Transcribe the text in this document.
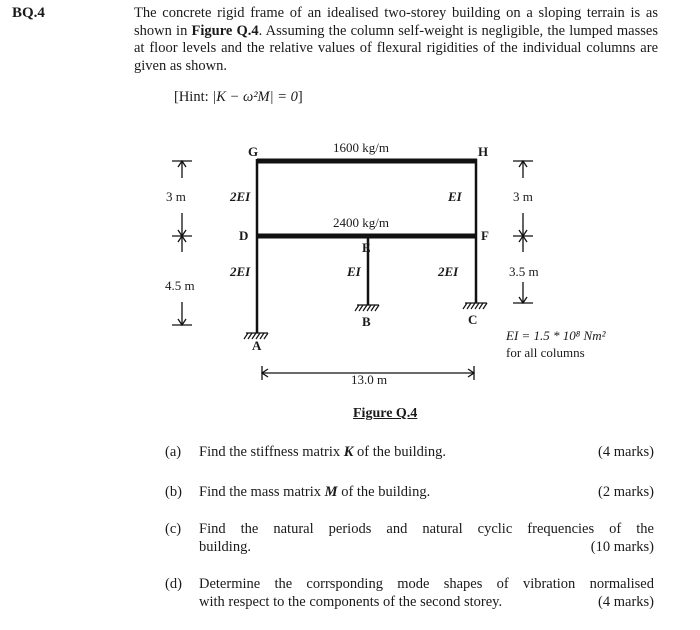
BQ.4	The concrete rigid frame of an idealised two-storey building on a sloping terrain is as shown in Figure Q.4. Assuming the column self-weight is negligible, the lumped masses at floor levels and the relative values of flexural rigidities of the individual columns are given as shown.
[Hint: |K − ω²M| = 0]
G	H
D
E
F
A
B	C
1600 kg/m
2400 kg/m
2EI	EI
2EI	EI	2EI
3 m
4.5 m
3 m
3.5 m
13.0 m
EI = 1.5 * 10⁸ Nm²
for all columns
Figure Q.4
(a) Find the stiffness matrix K of the building.	(4 marks)
(b) Find the mass matrix M of the building.	(2 marks)
(c) Find the natural periods and natural cyclic frequencies of the
building.	(10 marks)
(d) Determine the corrsponding mode shapes of vibration normalised
with respect to the components of the second storey.	(4 marks)
